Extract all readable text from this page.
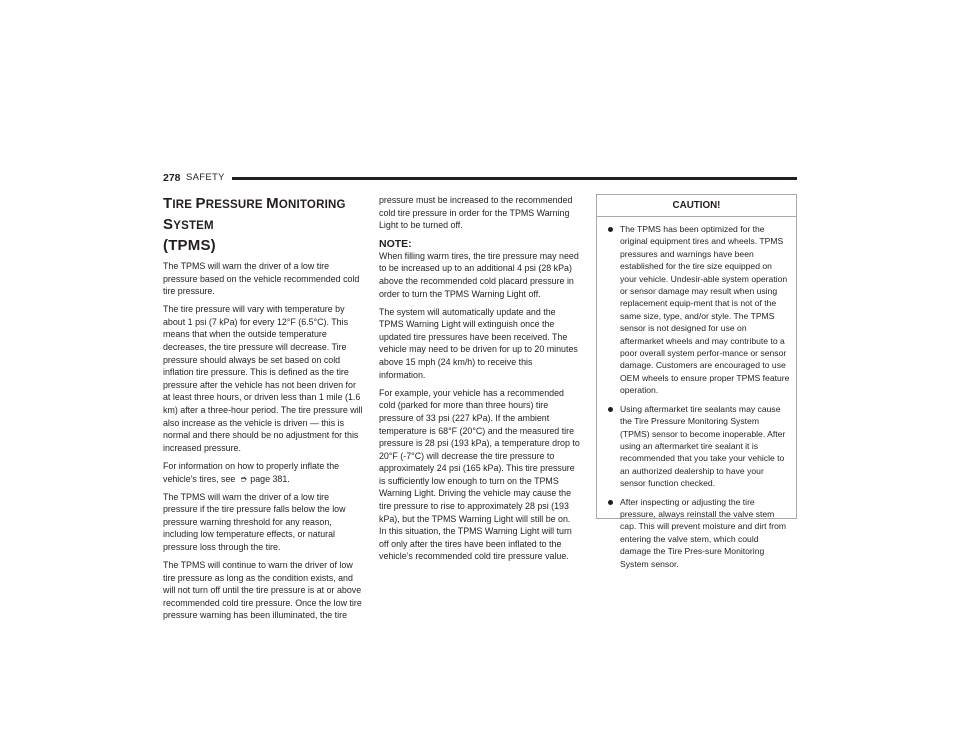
278 SAFETY
TIRE PRESSURE MONITORING SYSTEM
(TPMS)

The TPMS will warn the driver of a low tire pressure based on the vehicle recommended cold tire pressure.

The tire pressure will vary with temperature by about 1 psi (7 kPa) for every 12°F (6.5°C). This means that when the outside temperature decreases, the tire pressure will decrease. Tire pressure should always be set based on cold inflation tire pressure. This is defined as the tire pressure after the vehicle has not been driven for at least three hours, or driven less than 1 mile (1.6 km) after a three-hour period. The tire pressure will also increase as the vehicle is driven — this is normal and there should be no adjustment for this increased pressure.

For information on how to properly inflate the vehicle’s tires, see ➮ page 381.

The TPMS will warn the driver of a low tire pressure if the tire pressure falls below the low pressure warning threshold for any reason, including low temperature effects, or natural pressure loss through the tire.

The TPMS will continue to warn the driver of low tire pressure as long as the condition exists, and will not turn off until the tire pressure is at or above recommended cold tire pressure. Once the low tire pressure warning has been illuminated, the tire

pressure must be increased to the recommended cold tire pressure in order for the TPMS Warning Light to be turned off.

NOTE:

When filling warm tires, the tire pressure may need to be increased up to an additional 4 psi (28 kPa) above the recommended cold placard pressure in order to turn the TPMS Warning Light off.

The system will automatically update and the TPMS Warning Light will extinguish once the updated tire pressures have been received. The vehicle may need to be driven for up to 20 minutes above 15 mph (24 km/h) to receive this information.

For example, your vehicle has a recommended cold (parked for more than three hours) tire pressure of 33 psi (227 kPa). If the ambient temperature is 68°F (20°C) and the measured tire pressure is 28 psi (193 kPa), a temperature drop to 20°F (-7°C) will decrease the tire pressure to approximately 24 psi (165 kPa). This tire pressure is sufficiently low enough to turn on the TPMS Warning Light. Driving the vehicle may cause the tire pressure to rise to approximately 28 psi (193 kPa), but the TPMS Warning Light will still be on. In this situation, the TPMS Warning Light will turn off only after the tires have been inflated to the vehicle’s recommended cold tire pressure value.

CAUTION!
The TPMS has been optimized for the original equipment tires and wheels. TPMS pressures and warnings have been established for the tire size equipped on your vehicle. Undesir-able system operation or sensor damage may result when using replacement equip-ment that is not of the same size, type, and/or style. The TPMS sensor is not designed for use on aftermarket wheels and may contribute to a poor overall system perfor-mance or sensor damage. Customers are encouraged to use OEM wheels to ensure proper TPMS feature operation.
Using aftermarket tire sealants may cause the Tire Pressure Monitoring System (TPMS) sensor to become inoperable. After using an aftermarket tire sealant it is recommended that you take your vehicle to an authorized dealership to have your sensor function checked.
After inspecting or adjusting the tire pressure, always reinstall the valve stem cap. This will prevent moisture and dirt from entering the valve stem, which could damage the Tire Pres-sure Monitoring System sensor.
